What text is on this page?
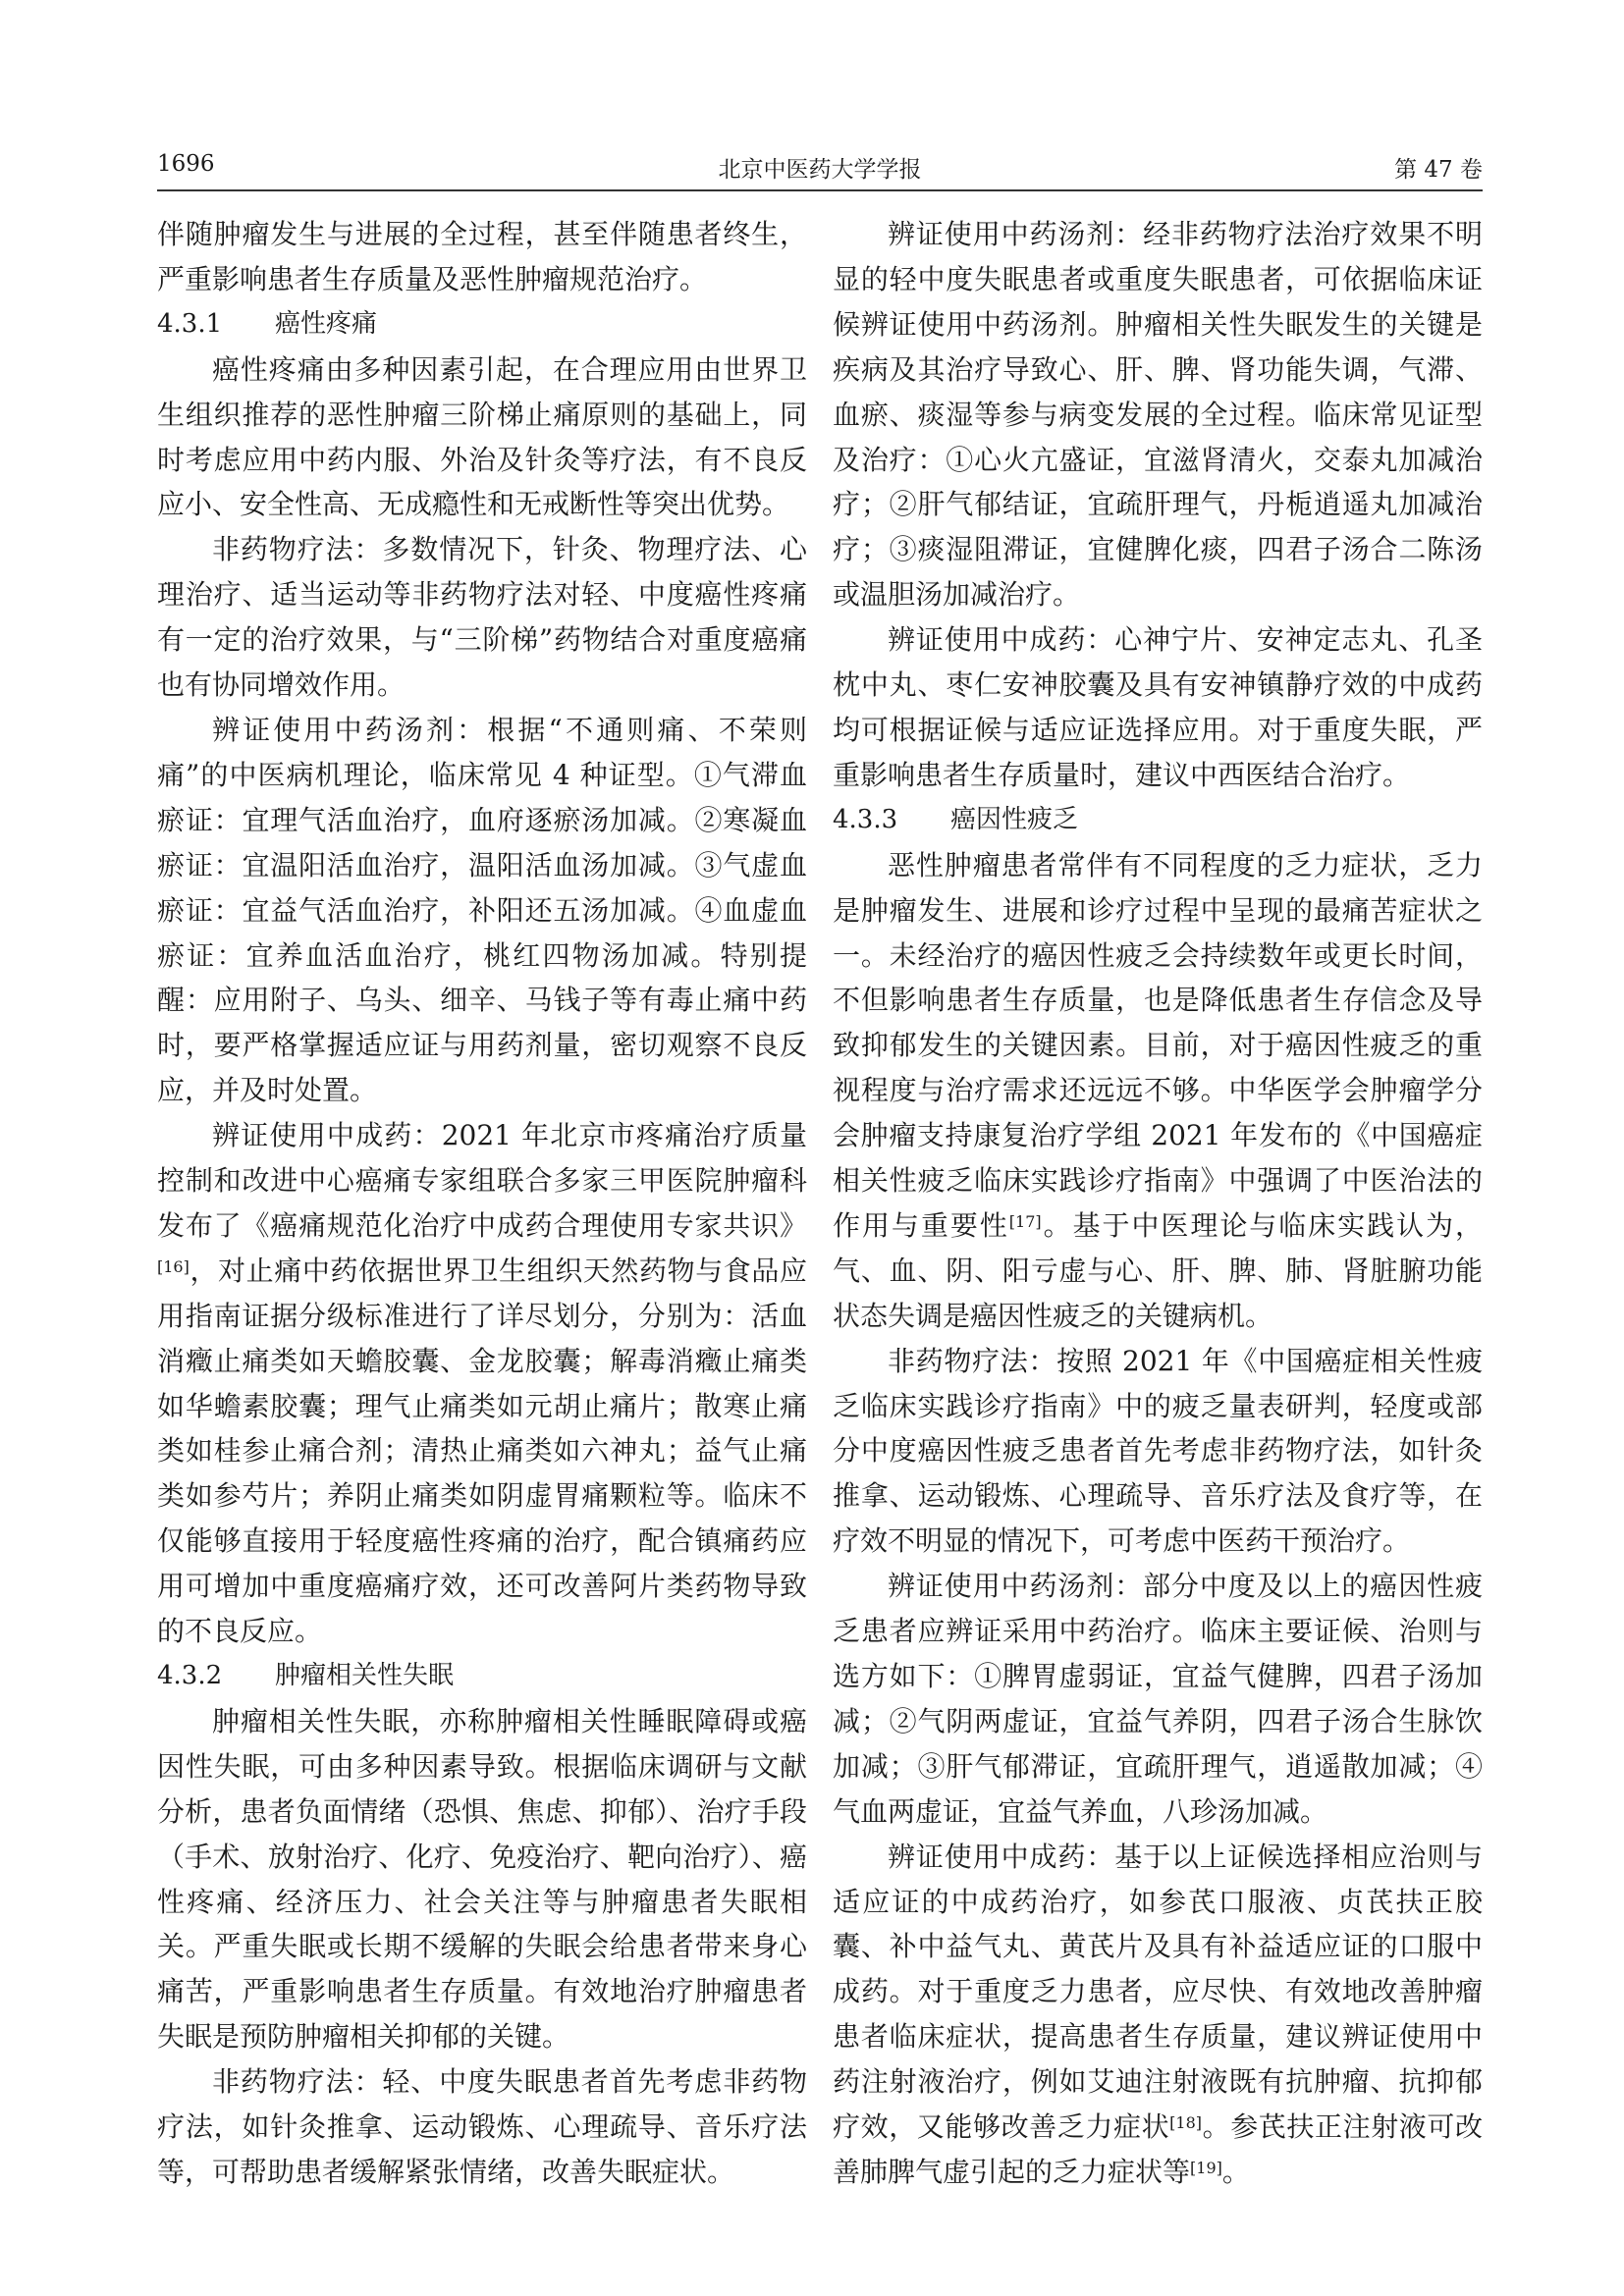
1696	北京中医药大学学报	第 47 卷

伴随肿瘤发生与进展的全过程，甚至伴随患者终生，严重影响患者生存质量及恶性肿瘤规范治疗。

4.3.1 癌性疼痛

癌性疼痛由多种因素引起，在合理应用由世界卫生组织推荐的恶性肿瘤三阶梯止痛原则的基础上，同时考虑应用中药内服、外治及针灸等疗法，有不良反应小、安全性高、无成瘾性和无戒断性等突出优势。

非药物疗法：多数情况下，针灸、物理疗法、心理治疗、适当运动等非药物疗法对轻、中度癌性疼痛有一定的治疗效果，与“三阶梯”药物结合对重度癌痛也有协同增效作用。

辨证使用中药汤剂：根据“不通则痛、不荣则痛”的中医病机理论，临床常见 4 种证型。①气滞血瘀证：宜理气活血治疗，血府逐瘀汤加减。②寒凝血瘀证：宜温阳活血治疗，温阳活血汤加减。③气虚血瘀证：宜益气活血治疗，补阳还五汤加减。④血虚血瘀证：宜养血活血治疗，桃红四物汤加减。特别提醒：应用附子、乌头、细辛、马钱子等有毒止痛中药时，要严格掌握适应证与用药剂量，密切观察不良反应，并及时处置。

辨证使用中成药：2021 年北京市疼痛治疗质量控制和改进中心癌痛专家组联合多家三甲医院肿瘤科发布了《癌痛规范化治疗中成药合理使用专家共识》[16]，对止痛中药依据世界卫生组织天然药物与食品应用指南证据分级标准进行了详尽划分，分别为：活血消癥止痛类如天蟾胶囊、金龙胶囊；解毒消癥止痛类如华蟾素胶囊；理气止痛类如元胡止痛片；散寒止痛类如桂参止痛合剂；清热止痛类如六神丸；益气止痛类如参芍片；养阴止痛类如阴虚胃痛颗粒等。临床不仅能够直接用于轻度癌性疼痛的治疗，配合镇痛药应用可增加中重度癌痛疗效，还可改善阿片类药物导致的不良反应。

4.3.2 肿瘤相关性失眠

肿瘤相关性失眠，亦称肿瘤相关性睡眠障碍或癌因性失眠，可由多种因素导致。根据临床调研与文献分析，患者负面情绪（恐惧、焦虑、抑郁）、治疗手段（手术、放射治疗、化疗、免疫治疗、靶向治疗）、癌性疼痛、经济压力、社会关注等与肿瘤患者失眠相关。严重失眠或长期不缓解的失眠会给患者带来身心痛苦，严重影响患者生存质量。有效地治疗肿瘤患者失眠是预防肿瘤相关抑郁的关键。

非药物疗法：轻、中度失眠患者首先考虑非药物疗法，如针灸推拿、运动锻炼、心理疏导、音乐疗法等，可帮助患者缓解紧张情绪，改善失眠症状。

辨证使用中药汤剂：经非药物疗法治疗效果不明显的轻中度失眠患者或重度失眠患者，可依据临床证候辨证使用中药汤剂。肿瘤相关性失眠发生的关键是疾病及其治疗导致心、肝、脾、肾功能失调，气滞、血瘀、痰湿等参与病变发展的全过程。临床常见证型及治疗：①心火亢盛证，宜滋肾清火，交泰丸加减治疗；②肝气郁结证，宜疏肝理气，丹栀逍遥丸加减治疗；③痰湿阻滞证，宜健脾化痰，四君子汤合二陈汤或温胆汤加减治疗。

辨证使用中成药：心神宁片、安神定志丸、孔圣枕中丸、枣仁安神胶囊及具有安神镇静疗效的中成药均可根据证候与适应证选择应用。对于重度失眠，严重影响患者生存质量时，建议中西医结合治疗。

4.3.3 癌因性疲乏

恶性肿瘤患者常伴有不同程度的乏力症状，乏力是肿瘤发生、进展和诊疗过程中呈现的最痛苦症状之一。未经治疗的癌因性疲乏会持续数年或更长时间，不但影响患者生存质量，也是降低患者生存信念及导致抑郁发生的关键因素。目前，对于癌因性疲乏的重视程度与治疗需求还远远不够。中华医学会肿瘤学分会肿瘤支持康复治疗学组 2021 年发布的《中国癌症相关性疲乏临床实践诊疗指南》中强调了中医治法的作用与重要性[17]。基于中医理论与临床实践认为，气、血、阴、阳亏虚与心、肝、脾、肺、肾脏腑功能状态失调是癌因性疲乏的关键病机。

非药物疗法：按照 2021 年《中国癌症相关性疲乏临床实践诊疗指南》中的疲乏量表研判，轻度或部分中度癌因性疲乏患者首先考虑非药物疗法，如针灸推拿、运动锻炼、心理疏导、音乐疗法及食疗等，在疗效不明显的情况下，可考虑中医药干预治疗。

辨证使用中药汤剂：部分中度及以上的癌因性疲乏患者应辨证采用中药治疗。临床主要证候、治则与选方如下：①脾胃虚弱证，宜益气健脾，四君子汤加减；②气阴两虚证，宜益气养阴，四君子汤合生脉饮加减；③肝气郁滞证，宜疏肝理气，逍遥散加减；④气血两虚证，宜益气养血，八珍汤加减。

辨证使用中成药：基于以上证候选择相应治则与适应证的中成药治疗，如参芪口服液、贞芪扶正胶囊、补中益气丸、黄芪片及具有补益适应证的口服中成药。对于重度乏力患者，应尽快、有效地改善肿瘤患者临床症状，提高患者生存质量，建议辨证使用中药注射液治疗，例如艾迪注射液既有抗肿瘤、抗抑郁疗效，又能够改善乏力症状[18]。参芪扶正注射液可改善肺脾气虚引起的乏力症状等[19]。
